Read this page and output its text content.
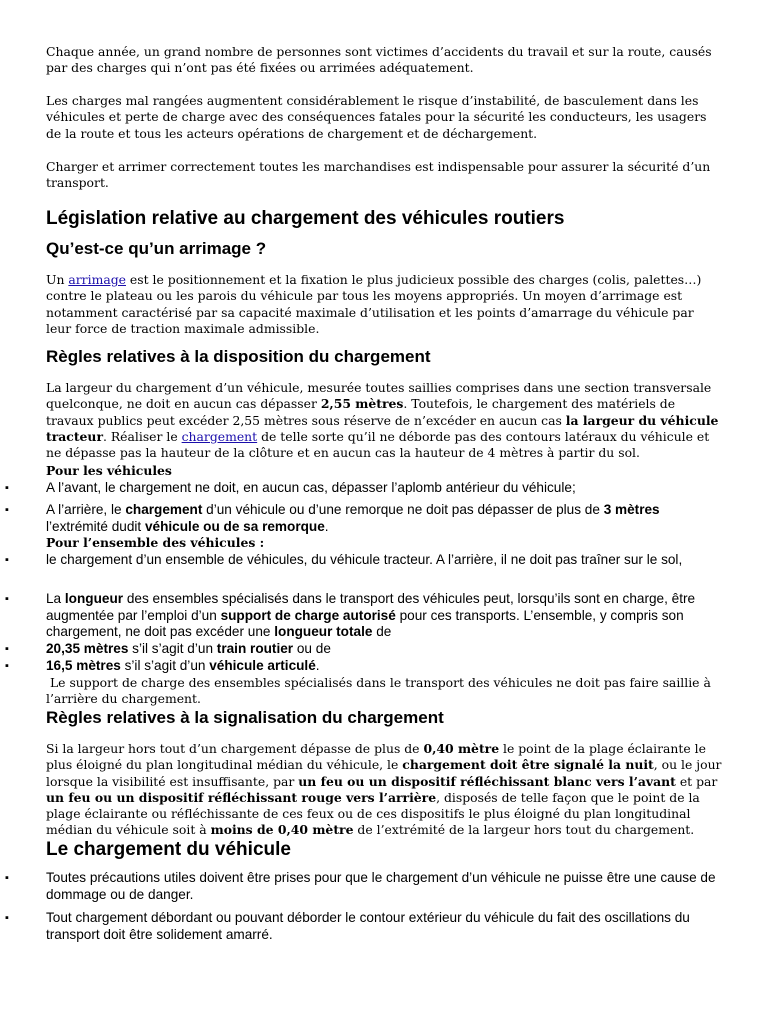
Chaque année, un grand nombre de personnes sont victimes d’accidents du travail et sur la route, causés par des charges qui n’ont pas été fixées ou arrimées adéquatement.

Les charges mal rangées augmentent considérablement le risque d’instabilité, de basculement dans les véhicules et perte de charge avec des conséquences fatales pour la sécurité les conducteurs, les usagers de la route et tous les acteurs opérations de chargement et de déchargement.

Charger et arrimer correctement toutes les marchandises est indispensable pour assurer la sécurité d’un transport.

Législation relative au chargement des véhicules routiers
Qu’est-ce qu’un arrimage ?

Un arrimage est le positionnement et la fixation le plus judicieux possible des charges (colis, palettes…) contre le plateau ou les parois du véhicule par tous les moyens appropriés. Un moyen d’arrimage est notamment caractérisé par sa capacité maximale d’utilisation et les points d’amarrage du véhicule par leur force de traction maximale admissible.

Règles relatives à la disposition du chargement

La largeur du chargement d’un véhicule, mesurée toutes saillies comprises dans une section transversale quelconque, ne doit en aucun cas dépasser 2,55 mètres. Toutefois, le chargement des matériels de travaux publics peut excéder 2,55 mètres sous réserve de n’excéder en aucun cas la largeur du véhicule tracteur. Réaliser le chargement de telle sorte qu’il ne déborde pas des contours latéraux du véhicule et ne dépasse pas la hauteur de la clôture et en aucun cas la hauteur de 4 mètres à partir du sol.

Pour les véhicules

▪	A l’avant, le chargement ne doit, en aucun cas, dépasser l’aplomb antérieur du véhicule;
▪	A l’arrière, le chargement d’un véhicule ou d’une remorque ne doit pas dépasser de plus de 3 mètres l’extrémité dudit véhicule ou de sa remorque.

Pour l’ensemble des véhicules :

▪	le chargement d’un ensemble de véhicules, du véhicule tracteur. A l’arrière, il ne doit pas traîner sur le sol,
▪	La longueur des ensembles spécialisés dans le transport des véhicules peut, lorsqu’ils sont en charge, être augmentée par l’emploi d’un support de charge autorisé pour ces transports. L’ensemble, y compris son chargement, ne doit pas excéder une longueur totale de
▪	20,35 mètres s’il s’agit d’un train routier ou de
▪	16,5 mètres s’il s’agit d’un véhicule articulé.

Le support de charge des ensembles spécialisés dans le transport des véhicules ne doit pas faire saillie à l’arrière du chargement.

Règles relatives à la signalisation du chargement

Si la largeur hors tout d’un chargement dépasse de plus de 0,40 mètre le point de la plage éclairante le plus éloigné du plan longitudinal médian du véhicule, le chargement doit être signalé la nuit, ou le jour lorsque la visibilité est insuffisante, par un feu ou un dispositif réfléchissant blanc vers l’avant et par un feu ou un dispositif réfléchissant rouge vers l’arrière, disposés de telle façon que le point de la plage éclairante ou réfléchissante de ces feux ou de ces dispositifs le plus éloigné du plan longitudinal médian du véhicule soit à moins de 0,40 mètre de l’extrémité de la largeur hors tout du chargement.

Le chargement du véhicule
▪	Toutes précautions utiles doivent être prises pour que le chargement d’un véhicule ne puisse être une cause de dommage ou de danger.
▪	Tout chargement débordant ou pouvant déborder le contour extérieur du véhicule du fait des oscillations du transport doit être solidement amarré.
